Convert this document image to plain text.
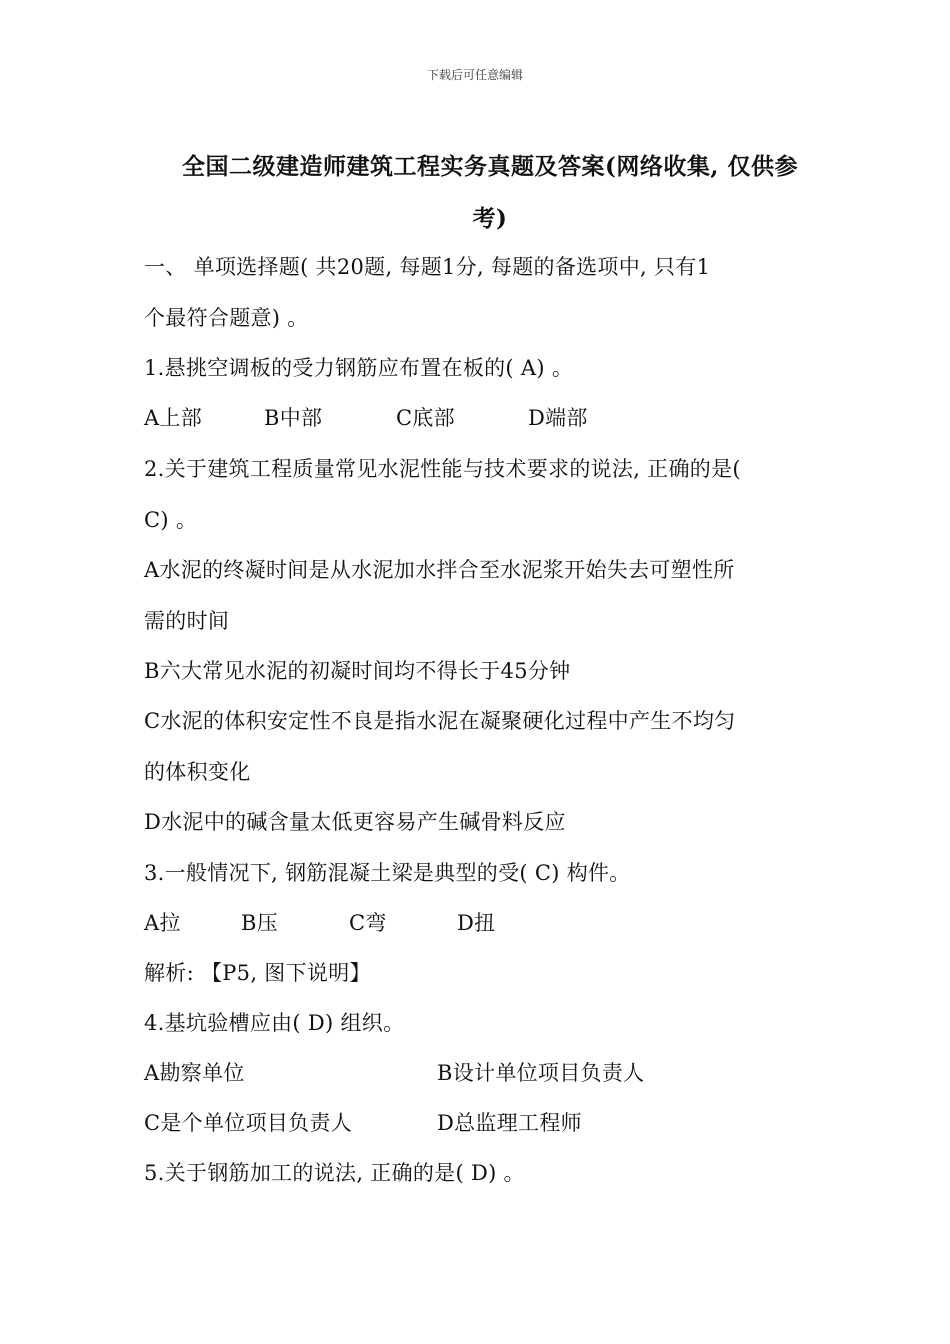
下载后可任意编辑
全国二级建造师建筑工程实务真题及答案(网络收集, 仅供参
考)
一、 单项选择题( 共20题, 每题1分, 每题的备选项中, 只有1
个最符合题意) 。
1.悬挑空调板的受力钢筋应布置在板的( A) 。
A上部	B中部	C底部	D端部
2.关于建筑工程质量常见水泥性能与技术要求的说法, 正确的是(
C) 。
A水泥的终凝时间是从水泥加水拌合至水泥浆开始失去可塑性所
需的时间
B六大常见水泥的初凝时间均不得长于45分钟
C水泥的体积安定性不良是指水泥在凝聚硬化过程中产生不均匀
的体积变化
D水泥中的碱含量太低更容易产生碱骨料反应
3.一般情况下, 钢筋混凝土梁是典型的受( C) 构件。
A拉	B压	C弯	D扭
解析: 【P5, 图下说明】
4.基坑验槽应由( D) 组织。
A勘察单位	B设计单位项目负责人
C是个单位项目负责人	D总监理工程师
5.关于钢筋加工的说法, 正确的是( D) 。
